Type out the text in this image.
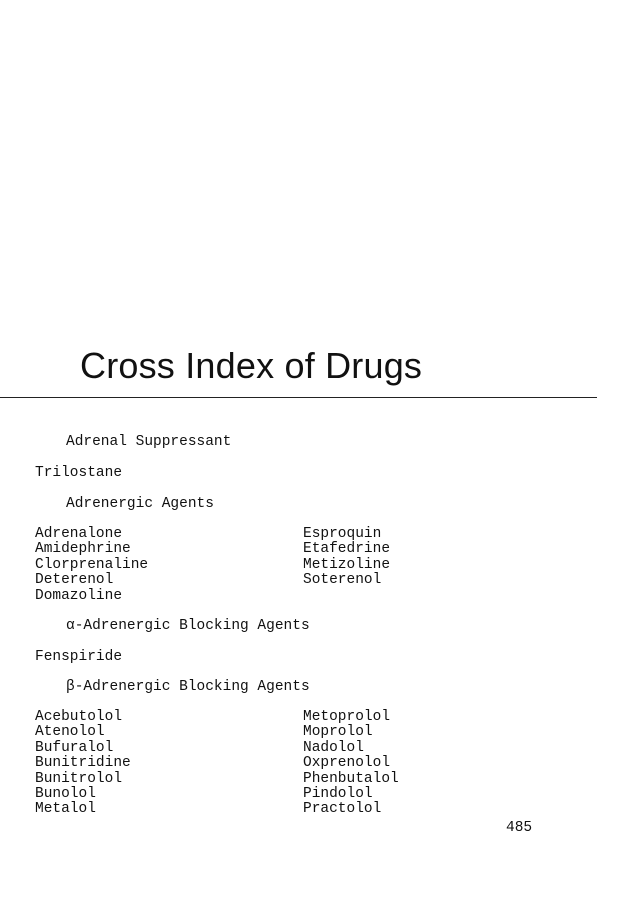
Cross Index of Drugs
Adrenal Suppressant
Trilostane
Adrenergic Agents
Adrenalone
Amidephrine
Clorprenaline
Deterenol
Domazoline
Esproquin
Etafedrine
Metizoline
Soterenol
α-Adrenergic Blocking Agents
Fenspiride
β-Adrenergic Blocking Agents
Acebutolol
Atenolol
Bufuralol
Bunitridine
Bunitrolol
Bunolol
Metalol
Metoprolol
Moprolol
Nadolol
Oxprenolol
Phenbutalol
Pindolol
Practolol
485
